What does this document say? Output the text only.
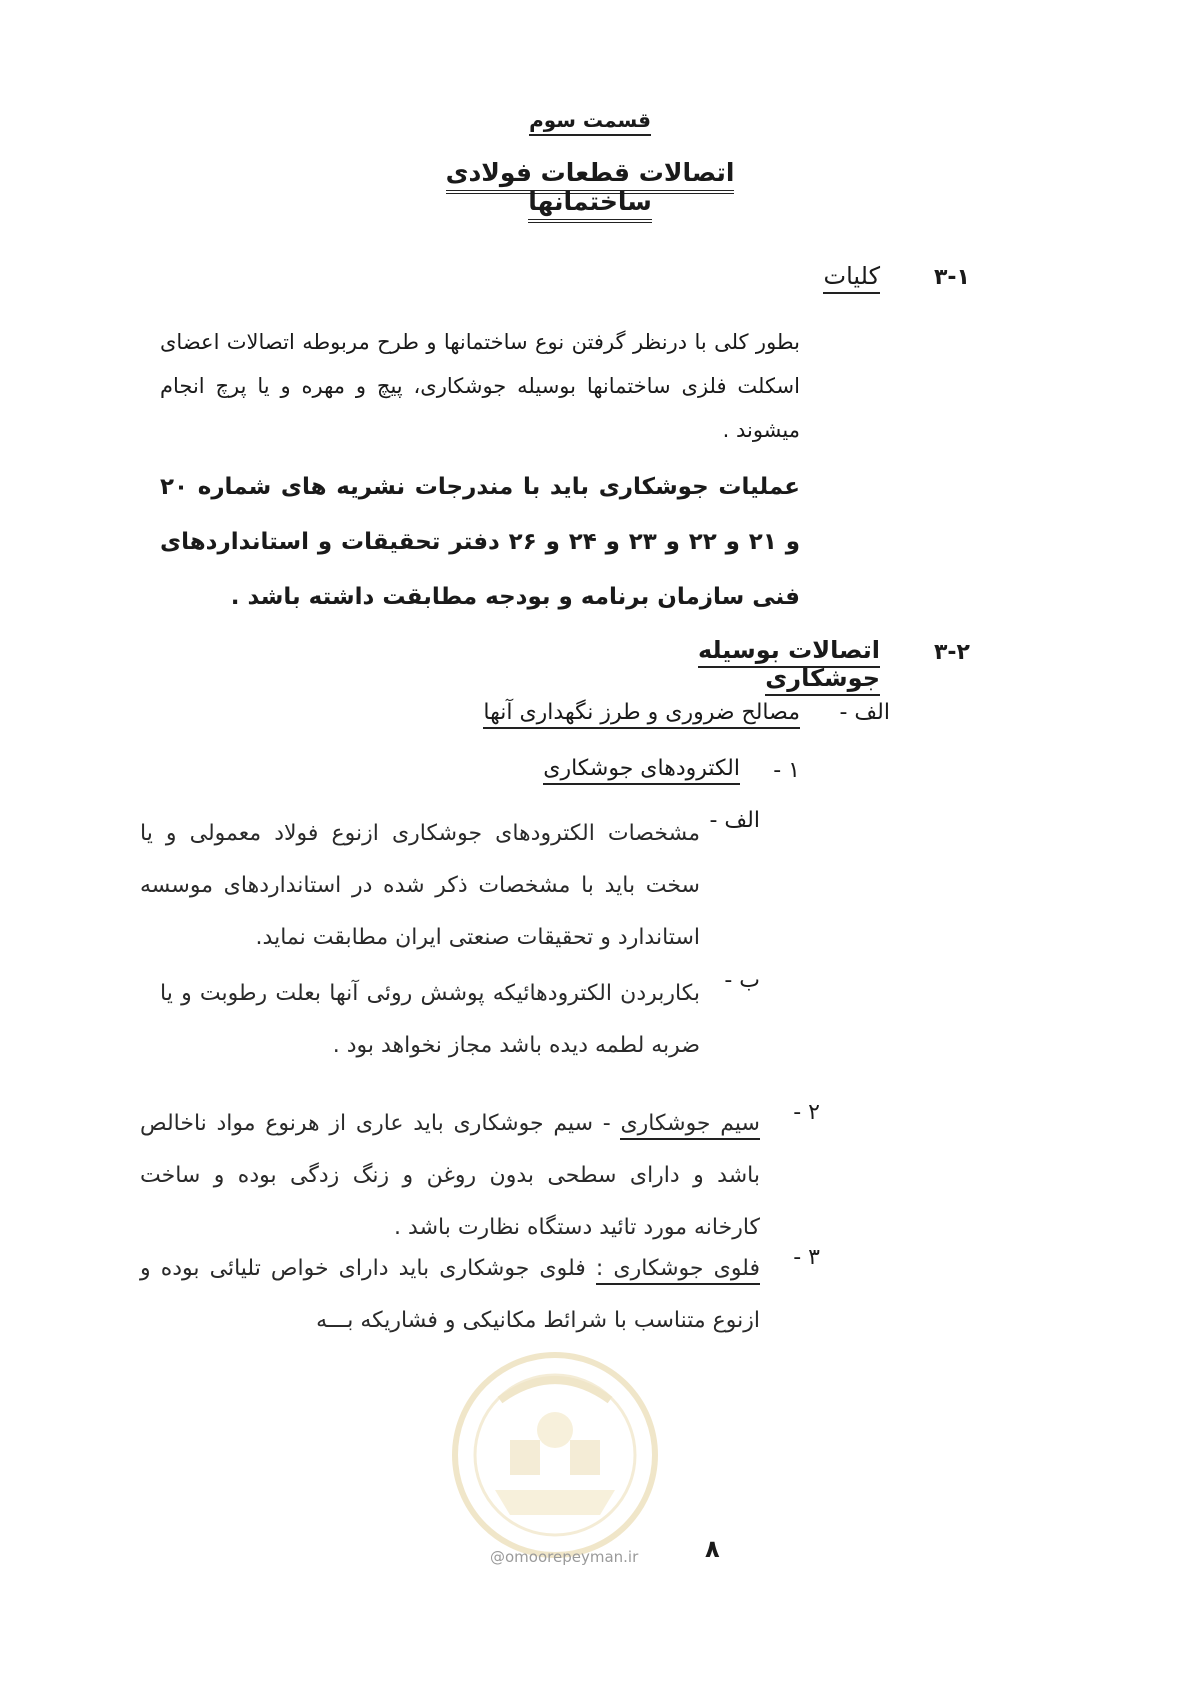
قسمت سوم
اتصالات قطعات فولادی ساختمانها
۳-۱
کلیات
بطور کلی با درنظر گرفتن نوع ساختمانها و طرح مربوطه اتصالات اعضای اسکلت فلزی ساختمانها بوسیله جوشکاری، پیچ و مهره و یا پرچ انجام میشوند .
عملیات جوشکاری باید با مندرجات نشریه های شماره ۲۰ و ۲۱ و ۲۲ و ۲۳ و ۲۴ و ۲۶ دفتر تحقیقات و استانداردهای فنی سازمان برنامه و بودجه مطابقت داشته باشد .
۳-۲
اتصالات بوسیله جوشکاری
الف -
مصالح ضروری و طرز نگهداری آنها
۱ -
الکترودهای جوشکاری
الف -
مشخصات الکترودهای جوشکاری ازنوع فولاد معمولی و یا سخت باید با مشخصات ذکر شده در استانداردهای موسسه استاندارد و تحقیقات صنعتی ایران مطابقت نماید.
ب -
بکاربردن الکترودهائیکه پوشش روئی آنها بعلت رطوبت و یا ضربه لطمه دیده باشد مجاز نخواهد بود .
۲ -
سیم جوشکاری - سیم جوشکاری باید عاری از هرنوع مواد ناخالص باشد و دارای سطحی بدون روغن و زنگ زدگی بوده و ساخت کارخانه مورد تائید دستگاه نظارت باشد .
۳ -
فلوی جوشکاری : فلوی جوشکاری باید دارای خواص تلیائی بوده و ازنوع متناسب با شرائط مکانیکی و فشاریکه بـــه
@omoorepeyman.ir	۸
